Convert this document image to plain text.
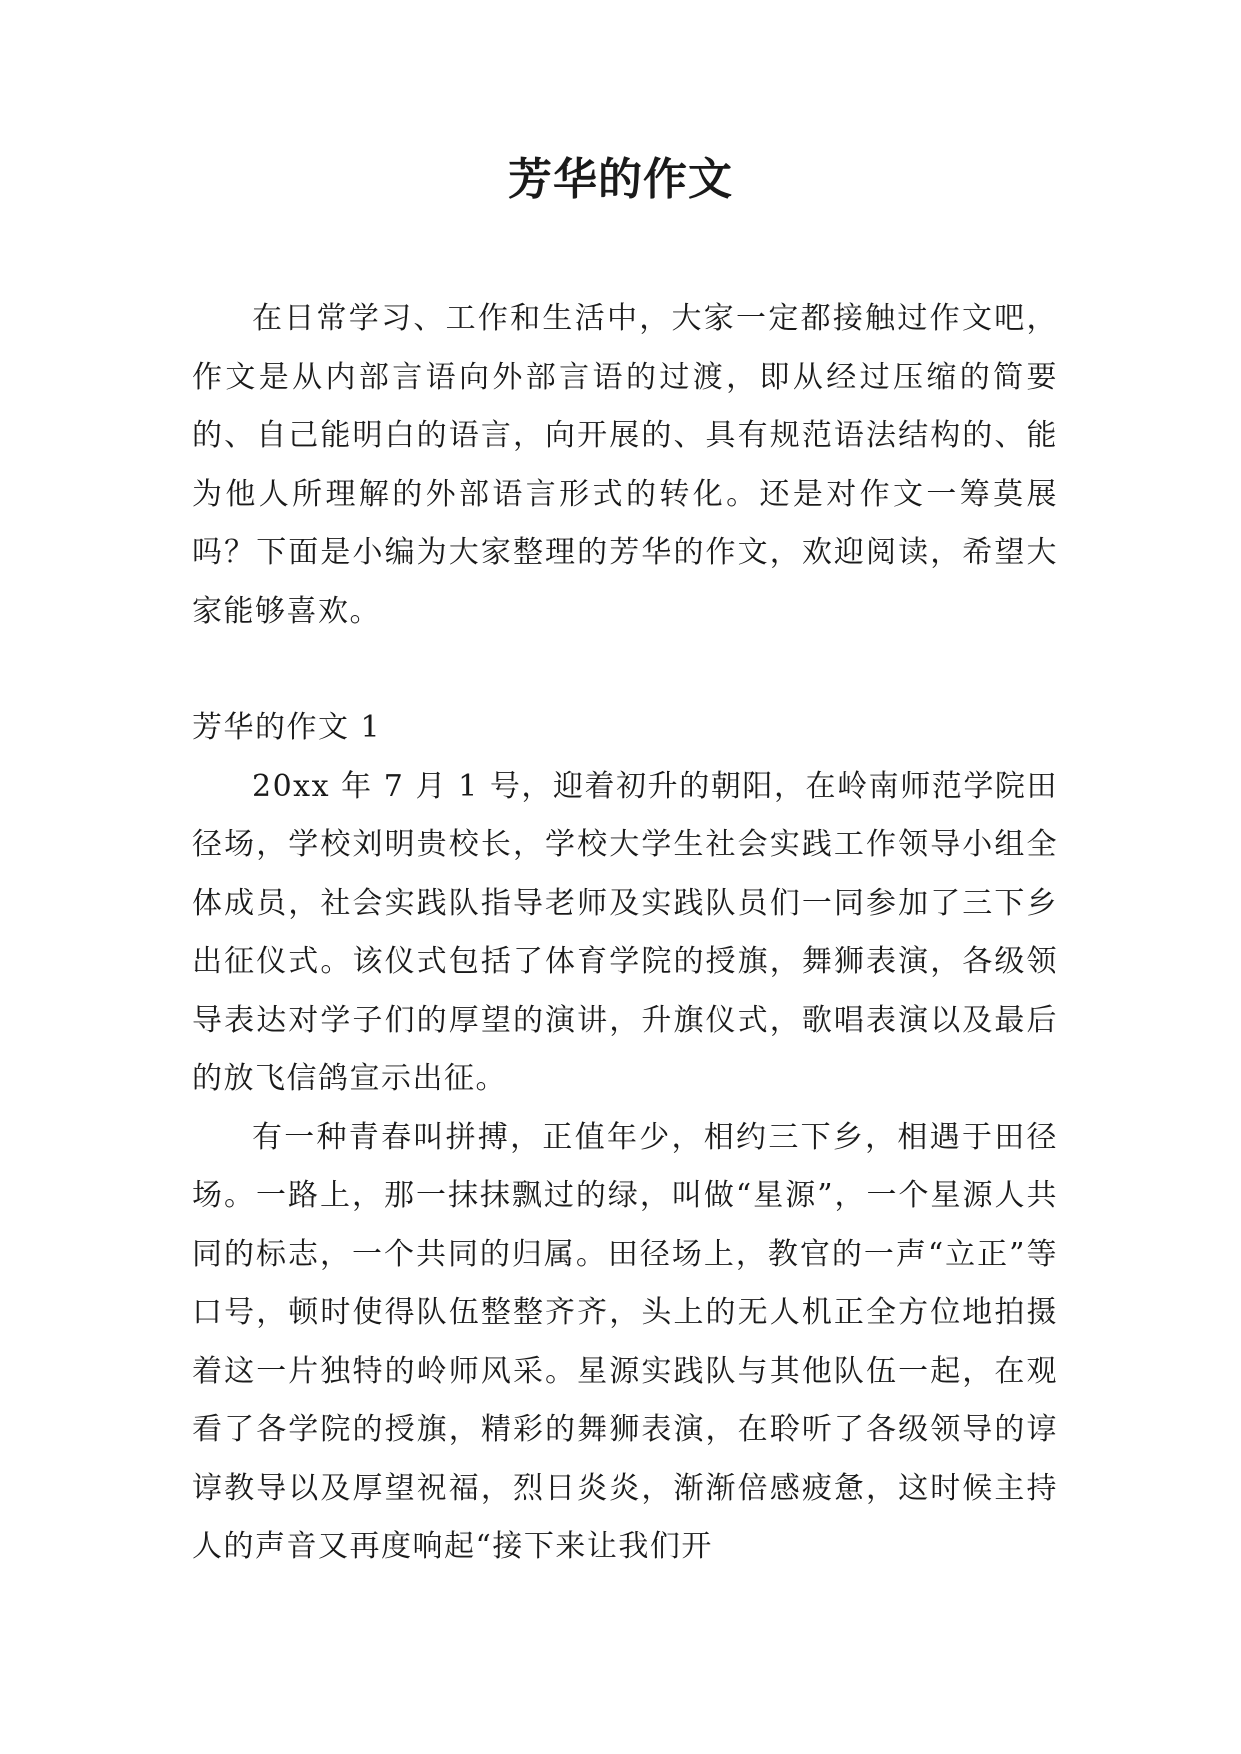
芳华的作文

在日常学习、工作和生活中，大家一定都接触过作文吧，作文是从内部言语向外部言语的过渡，即从经过压缩的简要的、自己能明白的语言，向开展的、具有规范语法结构的、能为他人所理解的外部语言形式的转化。还是对作文一筹莫展吗？下面是小编为大家整理的芳华的作文，欢迎阅读，希望大家能够喜欢。

芳华的作文 1

20xx 年 7 月 1 号，迎着初升的朝阳，在岭南师范学院田径场，学校刘明贵校长，学校大学生社会实践工作领导小组全体成员，社会实践队指导老师及实践队员们一同参加了三下乡出征仪式。该仪式包括了体育学院的授旗，舞狮表演，各级领导表达对学子们的厚望的演讲，升旗仪式，歌唱表演以及最后的放飞信鸽宣示出征。

有一种青春叫拼搏，正值年少，相约三下乡，相遇于田径场。一路上，那一抹抹飘过的绿，叫做“星源”，一个星源人共同的标志，一个共同的归属。田径场上，教官的一声“立正”等口号，顿时使得队伍整整齐齐，头上的无人机正全方位地拍摄着这一片独特的岭师风采。星源实践队与其他队伍一起，在观看了各学院的授旗，精彩的舞狮表演，在聆听了各级领导的谆谆教导以及厚望祝福，烈日炎炎，渐渐倍感疲惫，这时候主持人的声音又再度响起“接下来让我们开
